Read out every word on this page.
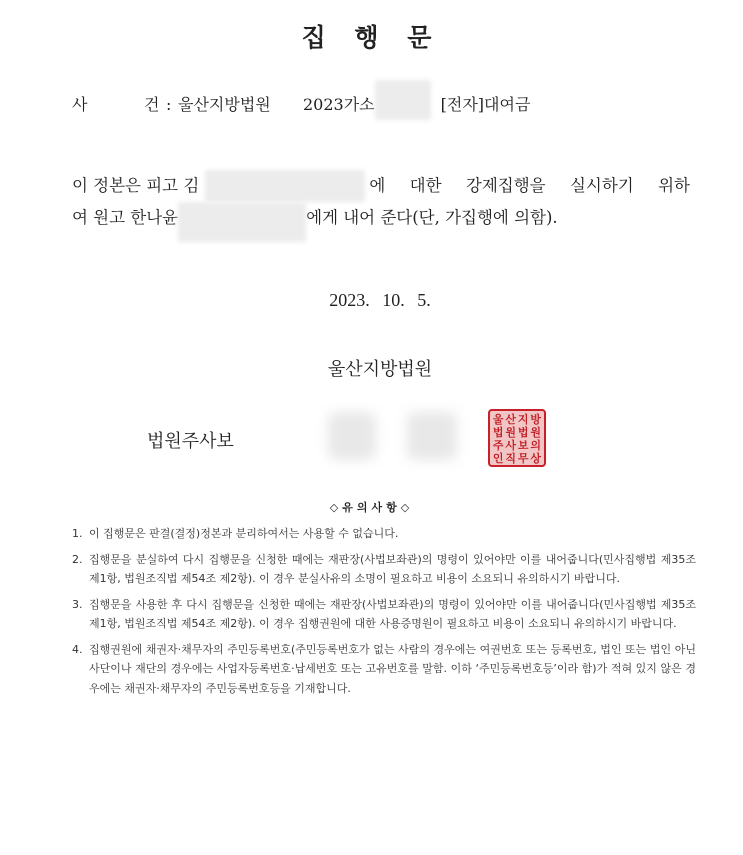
집 행 문
사	건 : 울산지방법원 2023가소	[전자]대여금
이 정본은 피고 김	에 대한 강제집행을 실시하기 위하
여 원고 한나윤	에게 내어 준다(단, 가집행에 의함).
2023. 10. 5.
울산지방법원
법원주사보
울 산 지 방
법 원 법 원
주 사 보 의
인 직 무 상
◇유의사항◇
1. 이 집행문은 판결(결정)정본과 분리하여서는 사용할 수 없습니다.
2. 집행문을 분실하여 다시 집행문을 신청한 때에는 재판장(사법보좌관)의 명령이 있어야만 이를 내어줍니다(민사집행법 제35조 제1항, 법원조직법 제54조 제2항). 이 경우 분실사유의 소명이 필요하고 비용이 소요되니 유의하시기 바랍니다.
3. 집행문을 사용한 후 다시 집행문을 신청한 때에는 재판장(사법보좌관)의 명령이 있어야만 이를 내어줍니다(민사집행법 제35조 제1항, 법원조직법 제54조 제2항). 이 경우 집행권원에 대한 사용증명원이 필요하고 비용이 소요되니 유의하시기 바랍니다.
4. 집행권원에 채권자·채무자의 주민등록번호(주민등록번호가 없는 사람의 경우에는 여권번호 또는 등록번호, 법인 또는 법인 아닌 사단이나 재단의 경우에는 사업자등록번호·납세번호 또는 고유번호를 말함. 이하 ‘주민등록번호등’이라 함)가 적혀 있지 않은 경우에는 채권자·채무자의 주민등록번호등을 기재합니다.
